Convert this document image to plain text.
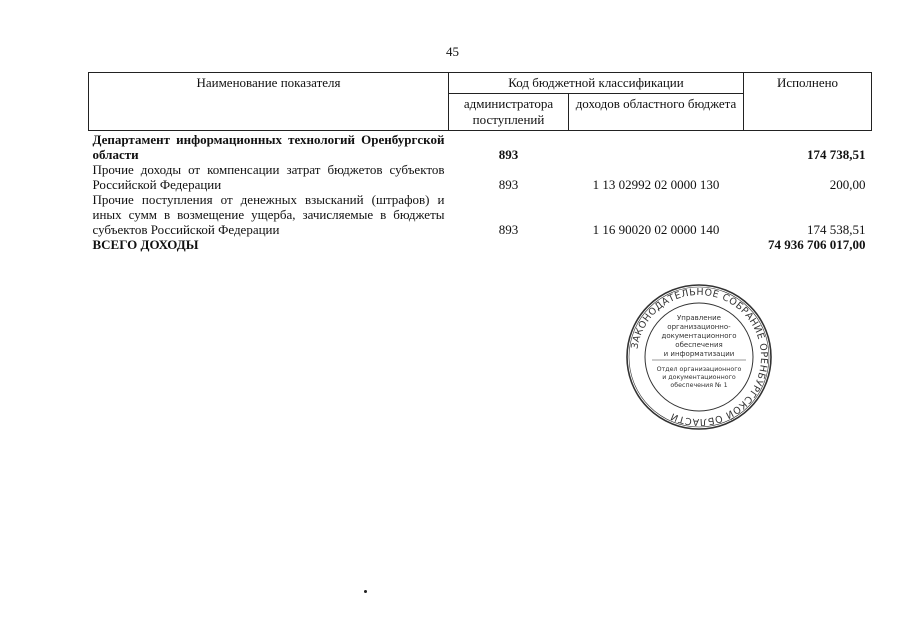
45
Наименование показателя	Код бюджетной классификации		Исполнено
	администратора поступлений	доходов областного бюджета	
Департамент информационных технологий Оренбургской области	893		174 738,51
Прочие доходы от компенсации затрат бюджетов субъектов Российской Федерации	893	1 13 02992 02 0000 130	200,00
Прочие поступления от денежных взысканий (штрафов) и иных сумм в возмещение ущерба, зачисляемые в бюджеты субъектов Российской Федерации	893	1 16 90020 02 0000 140	174 538,51
ВСЕГО ДОХОДЫ			74 936 706 017,00
ЗАКОНОДАТЕЛЬНОЕ СОБРАНИЕ ОРЕНБУРГСКОЙ ОБЛАСТИ
Управление
организационно-
документационного
обеспечения
и информатизации
Отдел организационного
и документационного
обеспечения № 1
